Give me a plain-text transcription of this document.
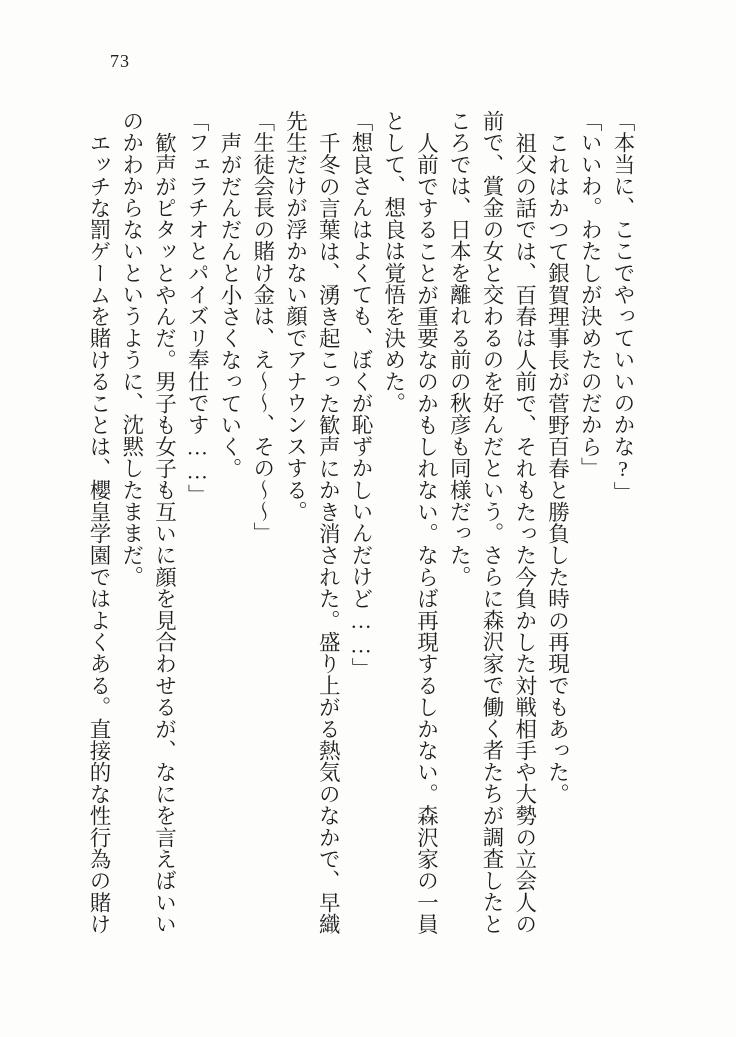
73
「本当に、ここでやっていいのかな?」
「いいわ。わたしが決めたのだから」
これはかつて銀賀理事長が菅野百春と勝負した時の再現でもあった。
祖父の話では、百春は人前で、それもたった今負かした対戦相手や大勢の立会人の
前で、賞金の女と交わるのを好んだという。さらに森沢家で働く者たちが調査したと
ころでは、日本を離れる前の秋彦も同様だった。
人前ですることが重要なのかもしれない。ならば再現するしかない。森沢家の一員
として、想良は覚悟を決めた。
「想良さんはよくても、ぼくが恥ずかしいんだけど……」
千冬の言葉は、湧き起こった歓声にかき消された。盛り上がる熱気のなかで、早織
先生だけが浮かない顔でアナウンスする。
「生徒会長の賭け金は、え〜〜、その〜〜」
声がだんだんと小さくなっていく。
「フェラチオとパイズリ奉仕です……」
歓声がピタッとやんだ。男子も女子も互いに顔を見合わせるが、なにを言えばいい
のかわからないというように、沈黙したままだ。
エッチな罰ゲームを賭けることは、櫻皇学園ではよくある。直接的な性行為の賭け
